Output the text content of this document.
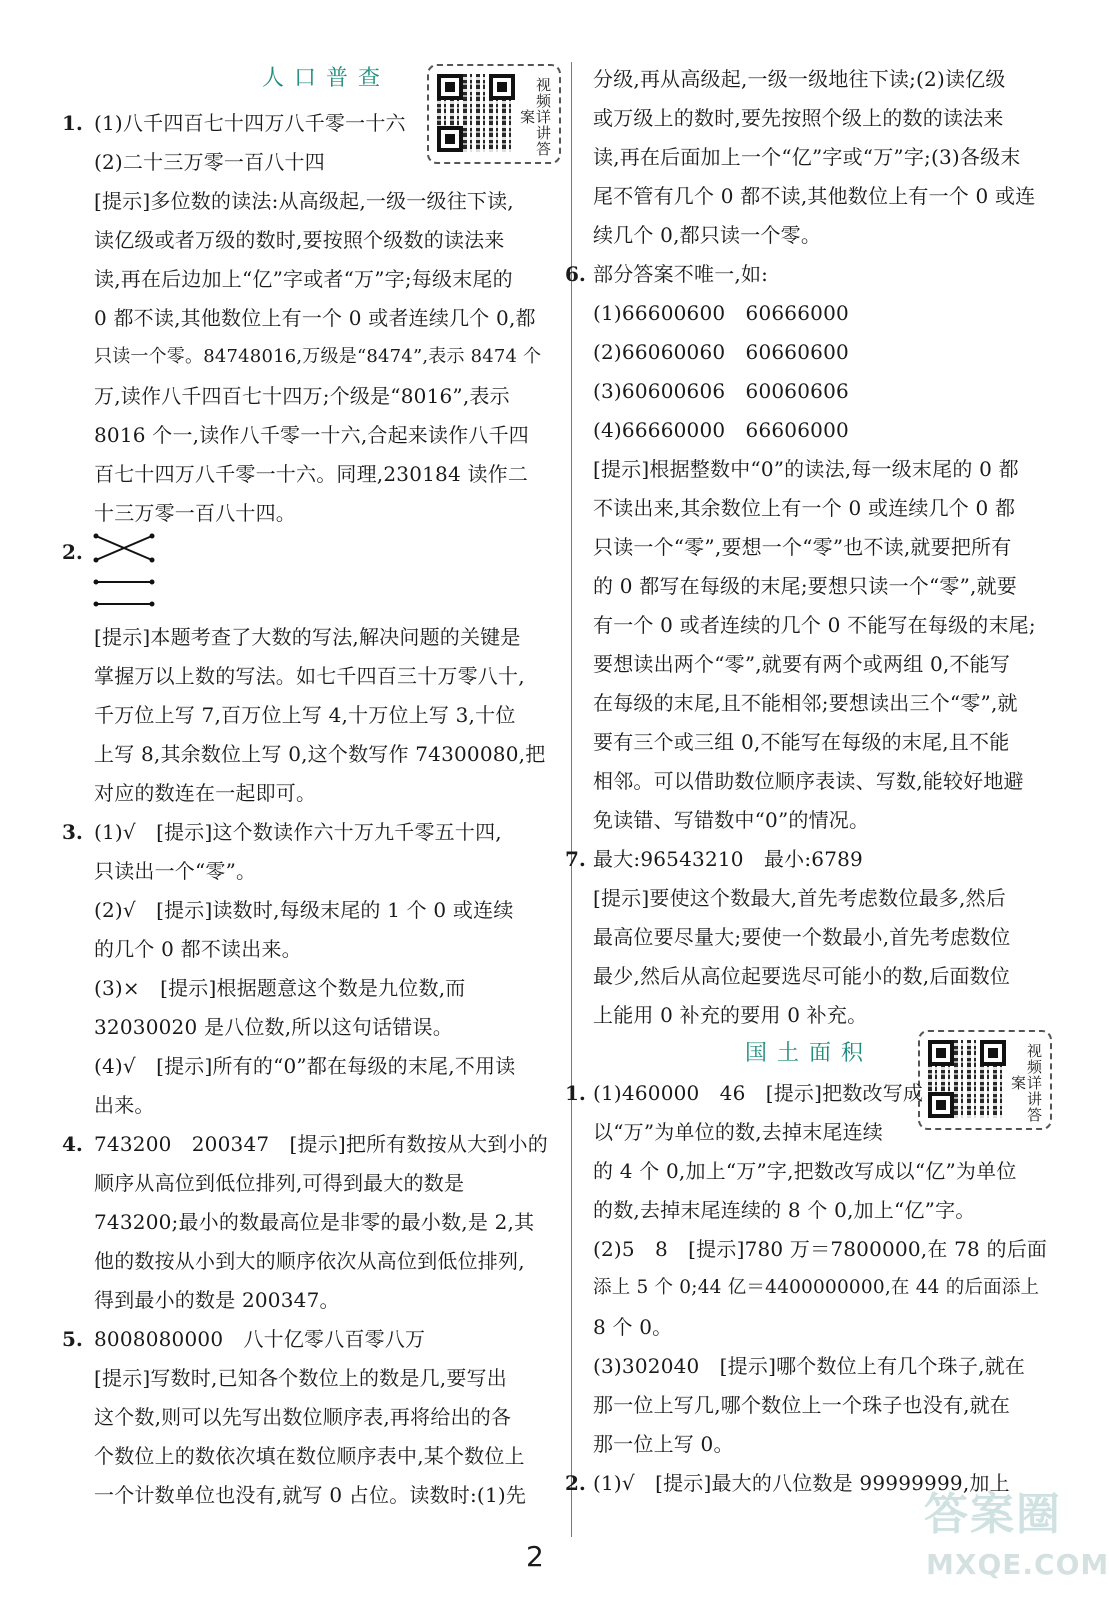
人口普查	视频详讲答案
1. (1)八千四百七十四万八千零一十六
(2)二十三万零一百八十四
[提示]多位数的读法:从高级起,一级一级往下读,
读亿级或者万级的数时,要按照个级数的读法来
读,再在后边加上“亿”字或者“万”字;每级末尾的
0 都不读,其他数位上有一个 0 或者连续几个 0,都
只读一个零。84748016,万级是“8474”,表示 8474 个
万,读作八千四百七十四万;个级是“8016”,表示
8016 个一,读作八千零一十六,合起来读作八千四
百七十四万八千零一十六。同理,230184 读作二
十三万零一百八十四。
2.
[提示]本题考查了大数的写法,解决问题的关键是
掌握万以上数的写法。如七千四百三十万零八十,
千万位上写 7,百万位上写 4,十万位上写 3,十位
上写 8,其余数位上写 0,这个数写作 74300080,把
对应的数连在一起即可。
3. (1)√　[提示]这个数读作六十万九千零五十四,
只读出一个“零”。
(2)√　[提示]读数时,每级末尾的 1 个 0 或连续
的几个 0 都不读出来。
(3)×　[提示]根据题意这个数是九位数,而
32030020 是八位数,所以这句话错误。
(4)√　[提示]所有的“0”都在每级的末尾,不用读
出来。
4. 743200　200347　[提示]把所有数按从大到小的
顺序从高位到低位排列,可得到最大的数是
743200;最小的数最高位是非零的最小数,是 2,其
他的数按从小到大的顺序依次从高位到低位排列,
得到最小的数是 200347。
5. 8008080000　八十亿零八百零八万
[提示]写数时,已知各个数位上的数是几,要写出
这个数,则可以先写出数位顺序表,再将给出的各
个数位上的数依次填在数位顺序表中,某个数位上
一个计数单位也没有,就写 0 占位。读数时:(1)先
分级,再从高级起,一级一级地往下读;(2)读亿级
或万级上的数时,要先按照个级上的数的读法来
读,再在后面加上一个“亿”字或“万”字;(3)各级末
尾不管有几个 0 都不读,其他数位上有一个 0 或连
续几个 0,都只读一个零。
6. 部分答案不唯一,如:
(1)66600600　60666000
(2)66060060　60660600
(3)60600606　60060606
(4)66660000　66606000
[提示]根据整数中“0”的读法,每一级末尾的 0 都
不读出来,其余数位上有一个 0 或连续几个 0 都
只读一个“零”,要想一个“零”也不读,就要把所有
的 0 都写在每级的末尾;要想只读一个“零”,就要
有一个 0 或者连续的几个 0 不能写在每级的末尾;
要想读出两个“零”,就要有两个或两组 0,不能写
在每级的末尾,且不能相邻;要想读出三个“零”,就
要有三个或三组 0,不能写在每级的末尾,且不能
相邻。可以借助数位顺序表读、写数,能较好地避
免读错、写错数中“0”的情况。
7. 最大:96543210　最小:6789
[提示]要使这个数最大,首先考虑数位最多,然后
最高位要尽量大;要使一个数最小,首先考虑数位
最少,然后从高位起要选尽可能小的数,后面数位
上能用 0 补充的要用 0 补充。
国土面积	视频详讲答案
1. (1)460000　46　[提示]把数改写成
以“万”为单位的数,去掉末尾连续
的 4 个 0,加上“万”字,把数改写成以“亿”为单位
的数,去掉末尾连续的 8 个 0,加上“亿”字。
(2)5　8　[提示]780 万＝7800000,在 78 的后面
添上 5 个 0;44 亿＝4400000000,在 44 的后面添上
8 个 0。
(3)302040　[提示]哪个数位上有几个珠子,就在
那一位上写几,哪个数位上一个珠子也没有,就在
那一位上写 0。
2. (1)√　[提示]最大的八位数是 99999999,加上
2
答案圈
MXQE.COM
